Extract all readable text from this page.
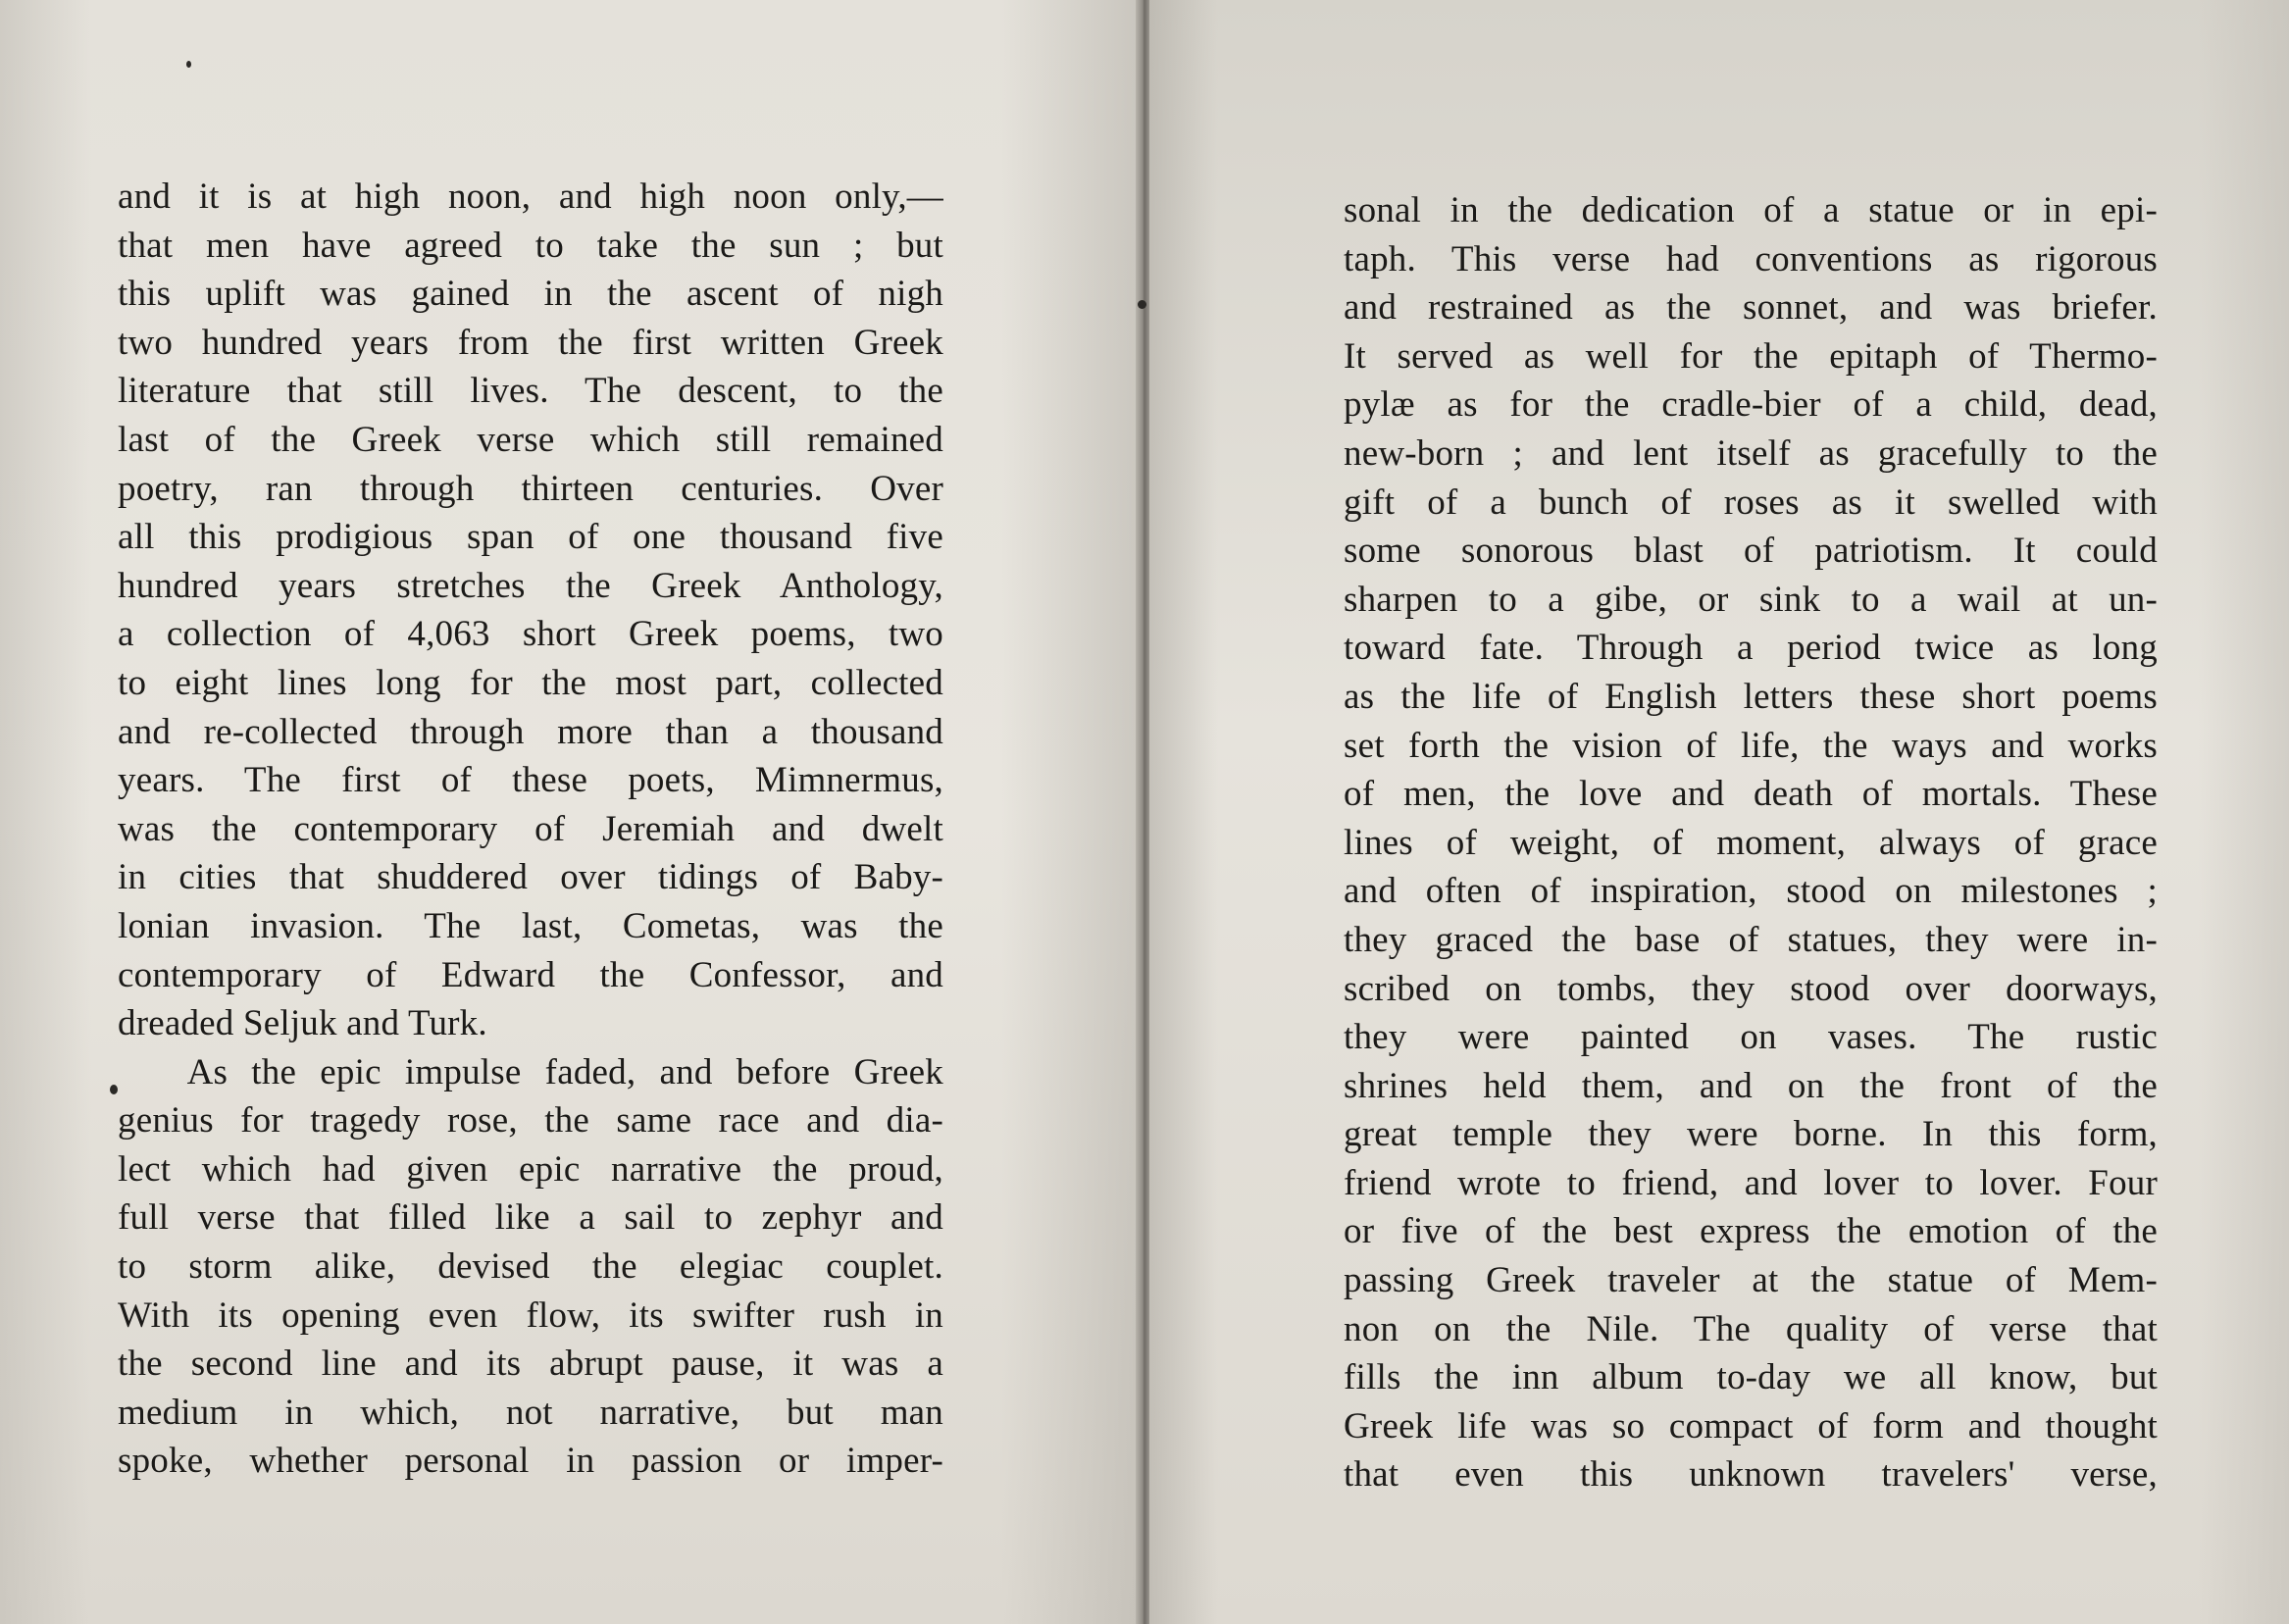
and it is at high noon, and high noon only,—
that men have agreed to take the sun ; but
this uplift was gained in the ascent of nigh
two hundred years from the first written Greek
literature that still lives. The descent, to the
last of the Greek verse which still remained
poetry, ran through thirteen centuries. Over
all this prodigious span of one thousand five
hundred years stretches the Greek Anthology,
a collection of 4,063 short Greek poems, two
to eight lines long for the most part, collected
and re-collected through more than a thousand
years. The first of these poets, Mimnermus,
was the contemporary of Jeremiah and dwelt
in cities that shuddered over tidings of Baby-
lonian invasion. The last, Cometas, was the
contemporary of Edward the Confessor, and
dreaded Seljuk and Turk.
As the epic impulse faded, and before Greek
genius for tragedy rose, the same race and dia-
lect which had given epic narrative the proud,
full verse that filled like a sail to zephyr and
to storm alike, devised the elegiac couplet.
With its opening even flow, its swifter rush in
the second line and its abrupt pause, it was a
medium in which, not narrative, but man
spoke, whether personal in passion or imper-
sonal in the dedication of a statue or in epi-
taph. This verse had conventions as rigorous
and restrained as the sonnet, and was briefer.
It served as well for the epitaph of Thermo-
pylæ as for the cradle-bier of a child, dead,
new-born ; and lent itself as gracefully to the
gift of a bunch of roses as it swelled with
some sonorous blast of patriotism. It could
sharpen to a gibe, or sink to a wail at un-
toward fate. Through a period twice as long
as the life of English letters these short poems
set forth the vision of life, the ways and works
of men, the love and death of mortals. These
lines of weight, of moment, always of grace
and often of inspiration, stood on milestones ;
they graced the base of statues, they were in-
scribed on tombs, they stood over doorways,
they were painted on vases. The rustic
shrines held them, and on the front of the
great temple they were borne. In this form,
friend wrote to friend, and lover to lover. Four
or five of the best express the emotion of the
passing Greek traveler at the statue of Mem-
non on the Nile. The quality of verse that
fills the inn album to-day we all know, but
Greek life was so compact of form and thought
that even this unknown travelers' verse,
